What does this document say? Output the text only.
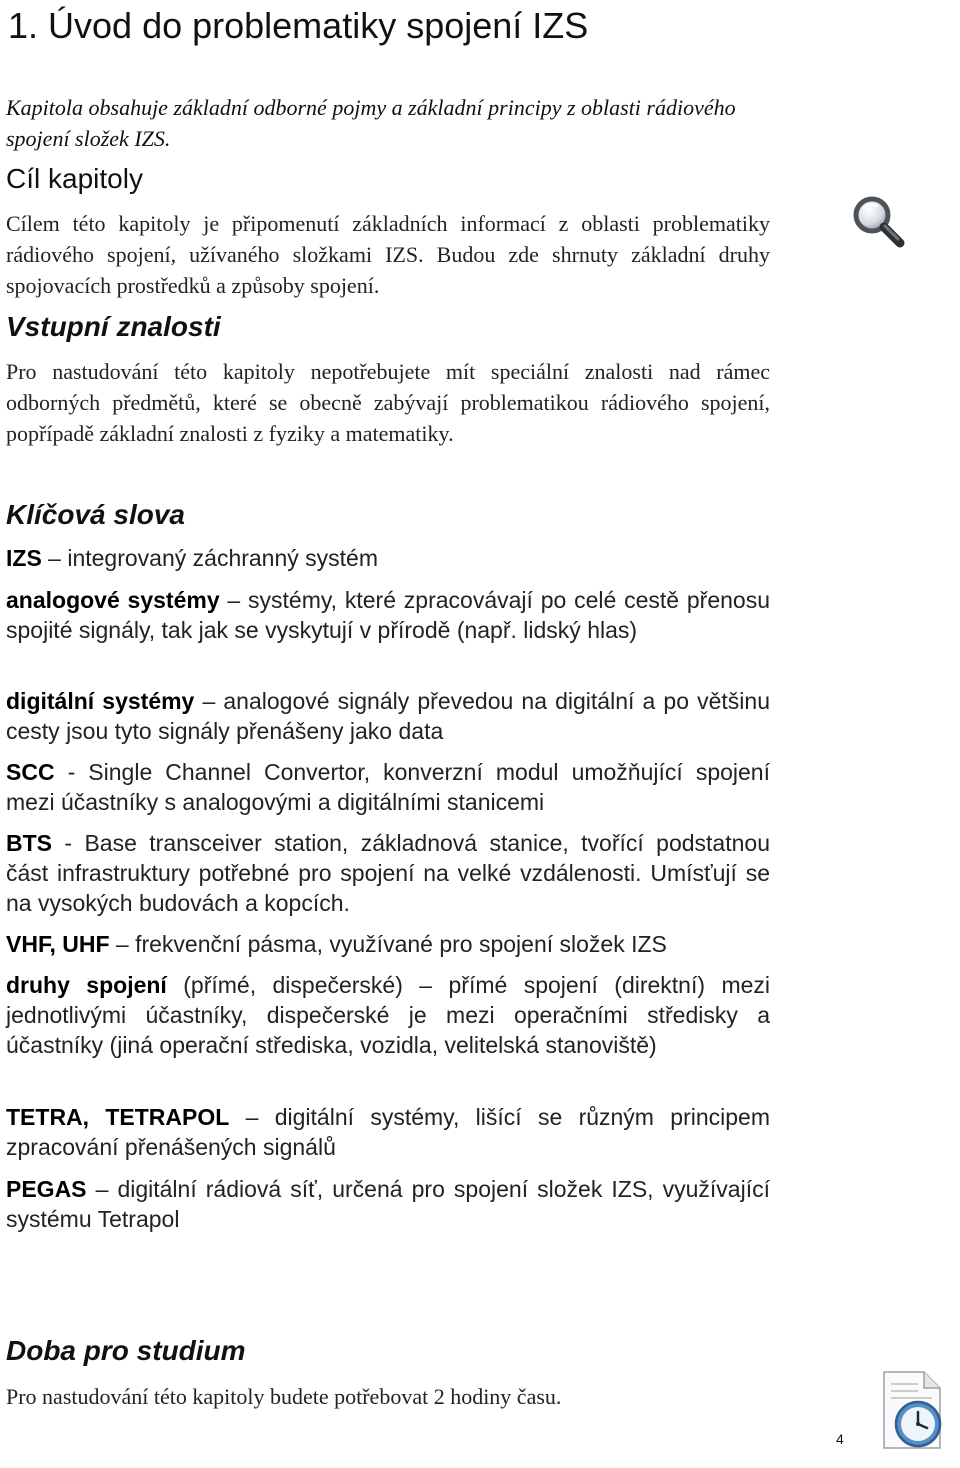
1. Úvod do problematiky spojení IZS

Kapitola obsahuje základní odborné pojmy a základní principy z oblasti rádiového spojení složek IZS.

Cíl kapitoly

Cílem této kapitoly je připomenutí základních informací z oblasti problematiky rádiového spojení, užívaného složkami IZS. Budou zde shrnuty základní druhy spojovacích prostředků a způsoby spojení.

Vstupní znalosti

Pro nastudování této kapitoly nepotřebujete mít speciální znalosti nad rámec odborných předmětů, které se obecně zabývají problematikou rádiového spojení, popřípadě základní znalosti z fyziky a matematiky.

Klíčová slova

IZS – integrovaný záchranný systém

analogové systémy – systémy, které zpracovávají po celé cestě přenosu spojité signály, tak jak se vyskytují v přírodě (např. lidský hlas)

digitální systémy – analogové signály převedou na digitální a po většinu cesty jsou tyto signály přenášeny jako data

SCC - Single Channel Convertor, konverzní modul umožňující spojení mezi účastníky s analogovými a digitálními stanicemi

BTS - Base transceiver station, základnová stanice, tvořící podstatnou část infrastruktury potřebné pro spojení na velké vzdálenosti. Umísťují se na vysokých budovách a kopcích.

VHF, UHF – frekvenční pásma, využívané pro spojení složek IZS

druhy spojení (přímé, dispečerské) – přímé spojení (direktní) mezi jednotlivými účastníky, dispečerské je mezi operačními středisky a účastníky (jiná operační střediska, vozidla, velitelská stanoviště)

TETRA, TETRAPOL – digitální systémy, lišící se různým principem zpracování přenášených signálů

PEGAS – digitální rádiová síť, určená pro spojení složek IZS, využívající systému Tetrapol

Doba pro studium

Pro nastudování této kapitoly budete potřebovat 2 hodiny času.

4
